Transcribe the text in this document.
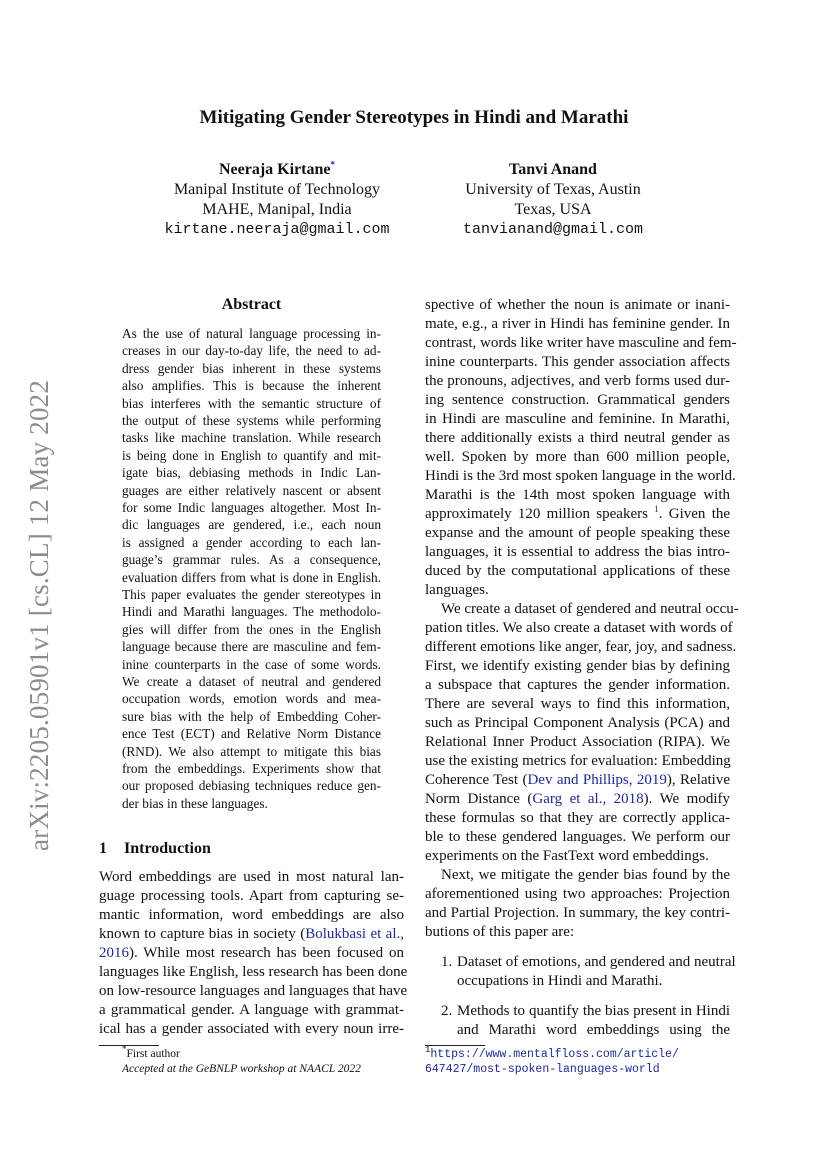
Mitigating Gender Stereotypes in Hindi and Marathi
Neeraja Kirtane*
Manipal Institute of Technology
MAHE, Manipal, India
kirtane.neeraja@gmail.com
Tanvi Anand
University of Texas, Austin
Texas, USA
tanvianand@gmail.com
arXiv:2205.05901v1 [cs.CL] 12 May 2022
Abstract
As the use of natural language processing in-
creases in our day-to-day life, the need to ad-
dress gender bias inherent in these systems
also amplifies. This is because the inherent
bias interferes with the semantic structure of
the output of these systems while performing
tasks like machine translation. While research
is being done in English to quantify and mit-
igate bias, debiasing methods in Indic Lan-
guages are either relatively nascent or absent
for some Indic languages altogether. Most In-
dic languages are gendered, i.e., each noun
is assigned a gender according to each lan-
guage’s grammar rules. As a consequence,
evaluation differs from what is done in English.
This paper evaluates the gender stereotypes in
Hindi and Marathi languages. The methodolo-
gies will differ from the ones in the English
language because there are masculine and fem-
inine counterparts in the case of some words.
We create a dataset of neutral and gendered
occupation words, emotion words and mea-
sure bias with the help of Embedding Coher-
ence Test (ECT) and Relative Norm Distance
(RND). We also attempt to mitigate this bias
from the embeddings. Experiments show that
our proposed debiasing techniques reduce gen-
der bias in these languages.
1 Introduction
Word embeddings are used in most natural lan-
guage processing tools. Apart from capturing se-
mantic information, word embeddings are also
known to capture bias in society (Bolukbasi et al.,
2016). While most research has been focused on
languages like English, less research has been done
on low-resource languages and languages that have
a grammatical gender. A language with grammat-
ical has a gender associated with every noun irre-
spective of whether the noun is animate or inani-
mate, e.g., a river in Hindi has feminine gender. In
contrast, words like writer have masculine and fem-
inine counterparts. This gender association affects
the pronouns, adjectives, and verb forms used dur-
ing sentence construction. Grammatical genders
in Hindi are masculine and feminine. In Marathi,
there additionally exists a third neutral gender as
well. Spoken by more than 600 million people,
Hindi is the 3rd most spoken language in the world.
Marathi is the 14th most spoken language with
approximately 120 million speakers $^1$. Given the
expanse and the amount of people speaking these
languages, it is essential to address the bias intro-
duced by the computational applications of these
languages.
We create a dataset of gendered and neutral occu-
pation titles. We also create a dataset with words of
different emotions like anger, fear, joy, and sadness.
First, we identify existing gender bias by defining
a subspace that captures the gender information.
There are several ways to find this information,
such as Principal Component Analysis (PCA) and
Relational Inner Product Association (RIPA). We
use the existing metrics for evaluation: Embedding
Coherence Test (Dev and Phillips, 2019), Relative
Norm Distance (Garg et al., 2018). We modify
these formulas so that they are correctly applica-
ble to these gendered languages. We perform our
experiments on the FastText word embeddings.
Next, we mitigate the gender bias found by the
aforementioned using two approaches: Projection
and Partial Projection. In summary, the key contri-
butions of this paper are:
1. Dataset of emotions, and gendered and neutral
occupations in Hindi and Marathi.
2. Methods to quantify the bias present in Hindi
and Marathi word embeddings using the
*First author
Accepted at the GeBNLP workshop at NAACL 2022
$^1$https://www.mentalfloss.com/article/
647427/most-spoken-languages-world
